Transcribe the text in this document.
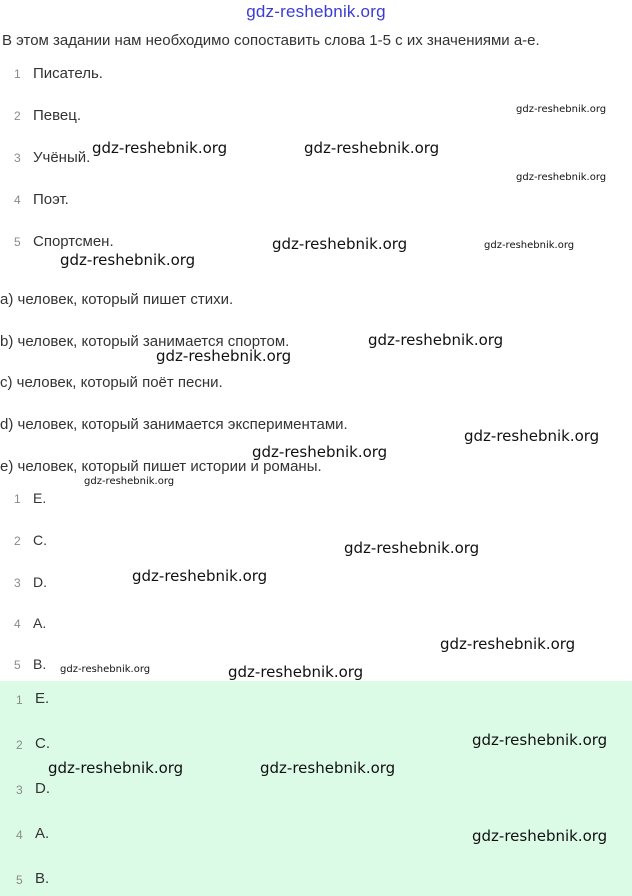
gdz-reshebnik.org
В этом задании нам необходимо сопоставить слова 1-5 с их значениями а-е.
1 Писатель.
2 Певец.
3 Учёный.
4 Поэт.
5 Спортсмен.
a) человек, который пишет стихи.
b) человек, который занимается спортом.
c) человек, который поёт песни.
d) человек, который занимается экспериментами.
e) человек, который пишет истории и романы.
1 E.
2 C.
3 D.
4 A.
5 B.
1 E.
2 C.
3 D.
4 A.
5 B.
gdz-reshebnik.org
gdz-reshebnik.org	gdz-reshebnik.org
gdz-reshebnik.org
gdz-reshebnik.org	gdz-reshebnik.org
gdz-reshebnik.org
gdz-reshebnik.org
gdz-reshebnik.org
gdz-reshebnik.org
gdz-reshebnik.org
gdz-reshebnik.org
gdz-reshebnik.org
gdz-reshebnik.org
gdz-reshebnik.org
gdz-reshebnik.org	gdz-reshebnik.org
gdz-reshebnik.org
gdz-reshebnik.org	gdz-reshebnik.org
gdz-reshebnik.org
